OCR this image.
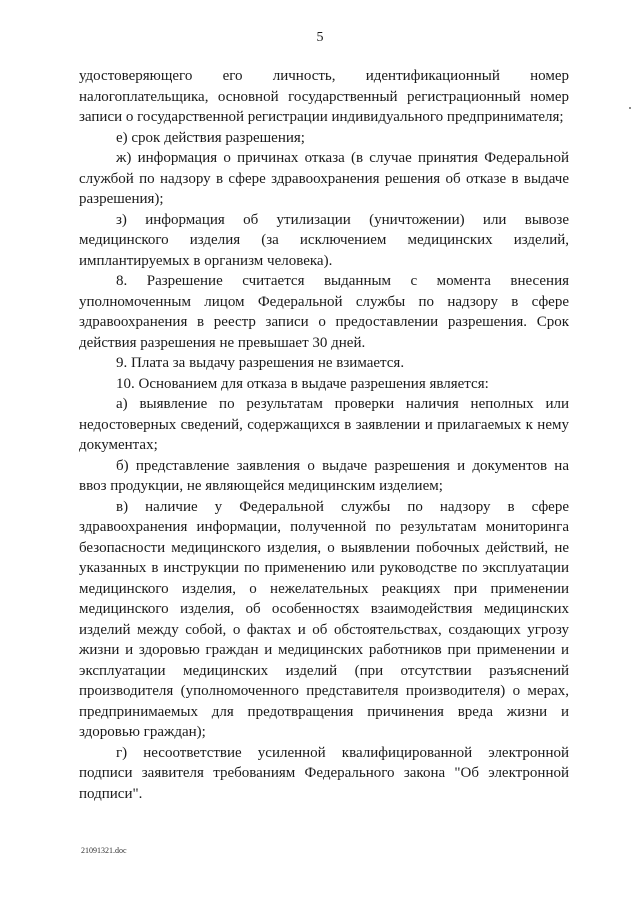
5

удостоверяющего его личность, идентификационный номер налогоплательщика, основной государственный регистрационный номер записи о государственной регистрации индивидуального предпринимателя;

е) срок действия разрешения;

ж) информация о причинах отказа (в случае принятия Федеральной службой по надзору в сфере здравоохранения решения об отказе в выдаче разрешения);

з) информация об утилизации (уничтожении) или вывозе медицинского изделия (за исключением медицинских изделий, имплантируемых в организм человека).

8. Разрешение считается выданным с момента внесения уполномоченным лицом Федеральной службы по надзору в сфере здравоохранения в реестр записи о предоставлении разрешения. Срок действия разрешения не превышает 30 дней.

9. Плата за выдачу разрешения не взимается.

10. Основанием для отказа в выдаче разрешения является:

а) выявление по результатам проверки наличия неполных или недостоверных сведений, содержащихся в заявлении и прилагаемых к нему документах;

б) представление заявления о выдаче разрешения и документов на ввоз продукции, не являющейся медицинским изделием;

в) наличие у Федеральной службы по надзору в сфере здравоохранения информации, полученной по результатам мониторинга безопасности медицинского изделия, о выявлении побочных действий, не указанных в инструкции по применению или руководстве по эксплуатации медицинского изделия, о нежелательных реакциях при применении медицинского изделия, об особенностях взаимодействия медицинских изделий между собой, о фактах и об обстоятельствах, создающих угрозу жизни и здоровью граждан и медицинских работников при применении и эксплуатации медицинских изделий (при отсутствии разъяснений производителя (уполномоченного представителя производителя) о мерах, предпринимаемых для предотвращения причинения вреда жизни и здоровью граждан);

г) несоответствие усиленной квалифицированной электронной подписи заявителя требованиям Федерального закона "Об электронной подписи".

21091321.doc
